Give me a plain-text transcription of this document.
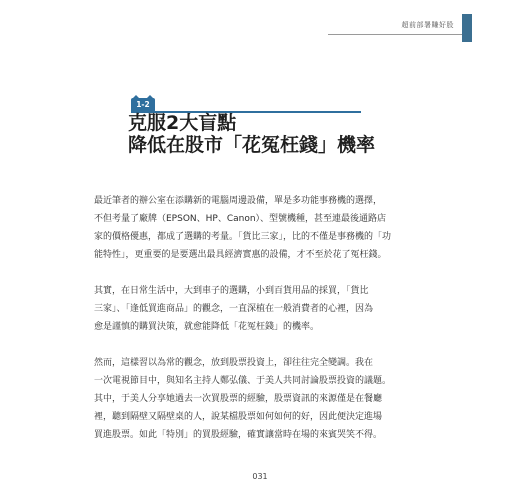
超前部署賺好股
1-2
克服2大盲點
降低在股市「花冤枉錢」機率

最近筆者的辦公室在添購新的電腦周邊設備，單是多功能事務機的選擇，
不但考量了廠牌（EPSON、HP、Canon）、型號機種，甚至連最後通路店
家的價格優惠，都成了選購的考量。「貨比三家」，比的不僅是事務機的「功
能特性」，更重要的是要選出最具經濟實惠的設備，才不至於花了冤枉錢。

其實，在日常生活中，大到車子的選購，小到百貨用品的採買，「貨比
三家」、「逢低買進商品」的觀念，一直深植在一般消費者的心裡，因為
愈是謹慎的購買決策，就愈能降低「花冤枉錢」的機率。

然而，這樣習以為常的觀念，放到股票投資上，卻往往完全變調。我在
一次電視節目中，與知名主持人鄭弘儀、于美人共同討論股票投資的議題。
其中，于美人分享她過去一次買股票的經驗，股票資訊的來源僅是在餐廳
裡，聽到隔壁又隔壁桌的人，說某檔股票如何如何的好，因此便決定進場
買進股票。如此「特別」的買股經驗，確實讓當時在場的來賓哭笑不得。

031
